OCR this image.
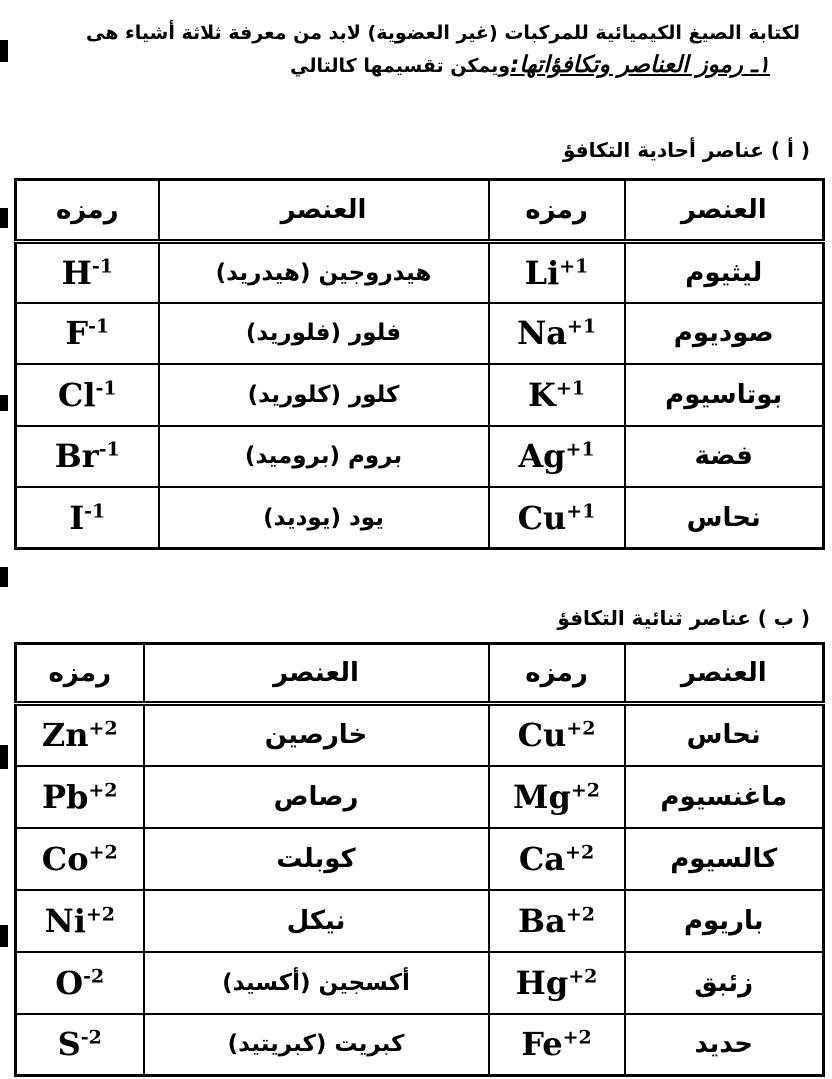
لكتابة الصيغ الكيميائية للمركبات (غير العضوية) لابد من معرفة ثلاثة أشياء هى
١ـ رموز العناصر وتكافؤاتها:ويمكن تقسيمها كالتالي
( أ ) عناصر أحادية التكافؤ
رمزه	العنصر	رمزه	العنصر
$H^{-1}$	هيدروجين (هيدريد)	$Li^{+1}$	ليثيوم
$F^{-1}$	فلور (فلوريد)	$Na^{+1}$	صوديوم
$Cl^{-1}$	كلور (كلوريد)	$K^{+1}$	بوتاسيوم
$Br^{-1}$	بروم (بروميد)	$Ag^{+1}$	فضة
$I^{-1}$	يود (يوديد)	$Cu^{+1}$	نحاس
( ب ) عناصر ثنائية التكافؤ
رمزه	العنصر	رمزه	العنصر
$Zn^{+2}$	خارصين	$Cu^{+2}$	نحاس
$Pb^{+2}$	رصاص	$Mg^{+2}$	ماغنسيوم
$Co^{+2}$	كوبلت	$Ca^{+2}$	كالسيوم
$Ni^{+2}$	نيكل	$Ba^{+2}$	باريوم
$O^{-2}$	أكسجين (أكسيد)	$Hg^{+2}$	زئبق
$S^{-2}$	كبريت (كبريتيد)	$Fe^{+2}$	حديد
